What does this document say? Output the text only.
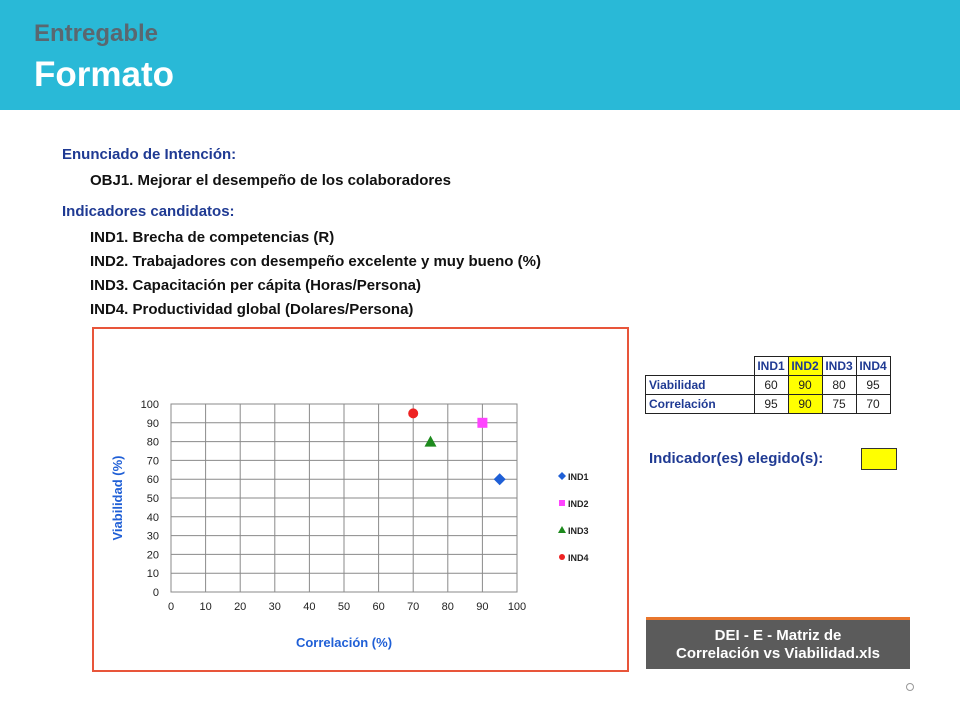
Entregable
Formato
Enunciado de Intención:
OBJ1. Mejorar el desempeño de los colaboradores
Indicadores candidatos:
IND1. Brecha de competencias (R)
IND2. Trabajadores con desempeño excelente y muy bueno (%)
IND3. Capacitación per cápita (Horas/Persona)
IND4. Productividad global (Dolares/Persona)
0 10 20 30 40 50 60 70 80 90 100
0
10
20
30
40
50
60
70
80
90
100
Correlación (%)
Viabilidad (%)	IND1
IND2
IND3
IND4
	IND1	IND2	IND3	IND4
Viabilidad	60	90	80	95
Correlación	95	90	75	70
Indicador(es) elegido(s):
DEI - E - Matriz de
Correlación vs Viabilidad.xls
